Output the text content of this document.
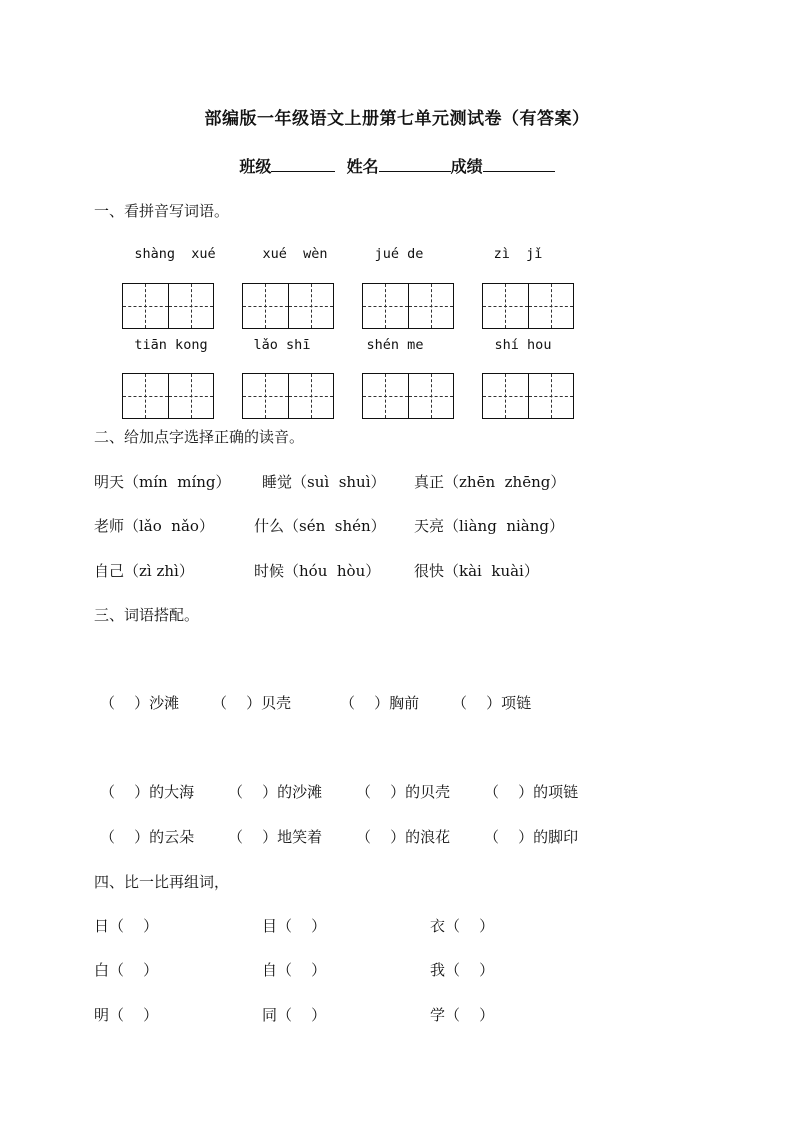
部编版一年级语文上册第七单元测试卷（有答案）
班级	姓名	成绩
一、看拼音写词语。
shàng  xué	xué  wèn	jué de	zì  jǐ
tiān kong	lǎo shī	shén me	shí hou
二、给加点字选择正确的读音。
明天（mín  míng） 睡觉（suì  shuì） 真正（zhēn  zhēng）
老师（lǎo  nǎo）	什么（sén  shén） 天亮（liàng  niàng）
自己（zì zhì）	时候（hóu  hòu） 很快（kài  kuài）
三、词语搭配。
（    ）沙滩 （    ）贝壳	（    ）胸前 （    ）项链
（    ）的大海 （    ）的沙滩 （    ）的贝壳 （    ）的项链
（    ）的云朵 （    ）地笑着 （    ）的浪花 （    ）的脚印
四、比一比再组词，
日（    ）	目（    ）	衣（    ）
白（    ）	自（    ）	我（    ）
明（    ）	同（    ）	学（    ）
